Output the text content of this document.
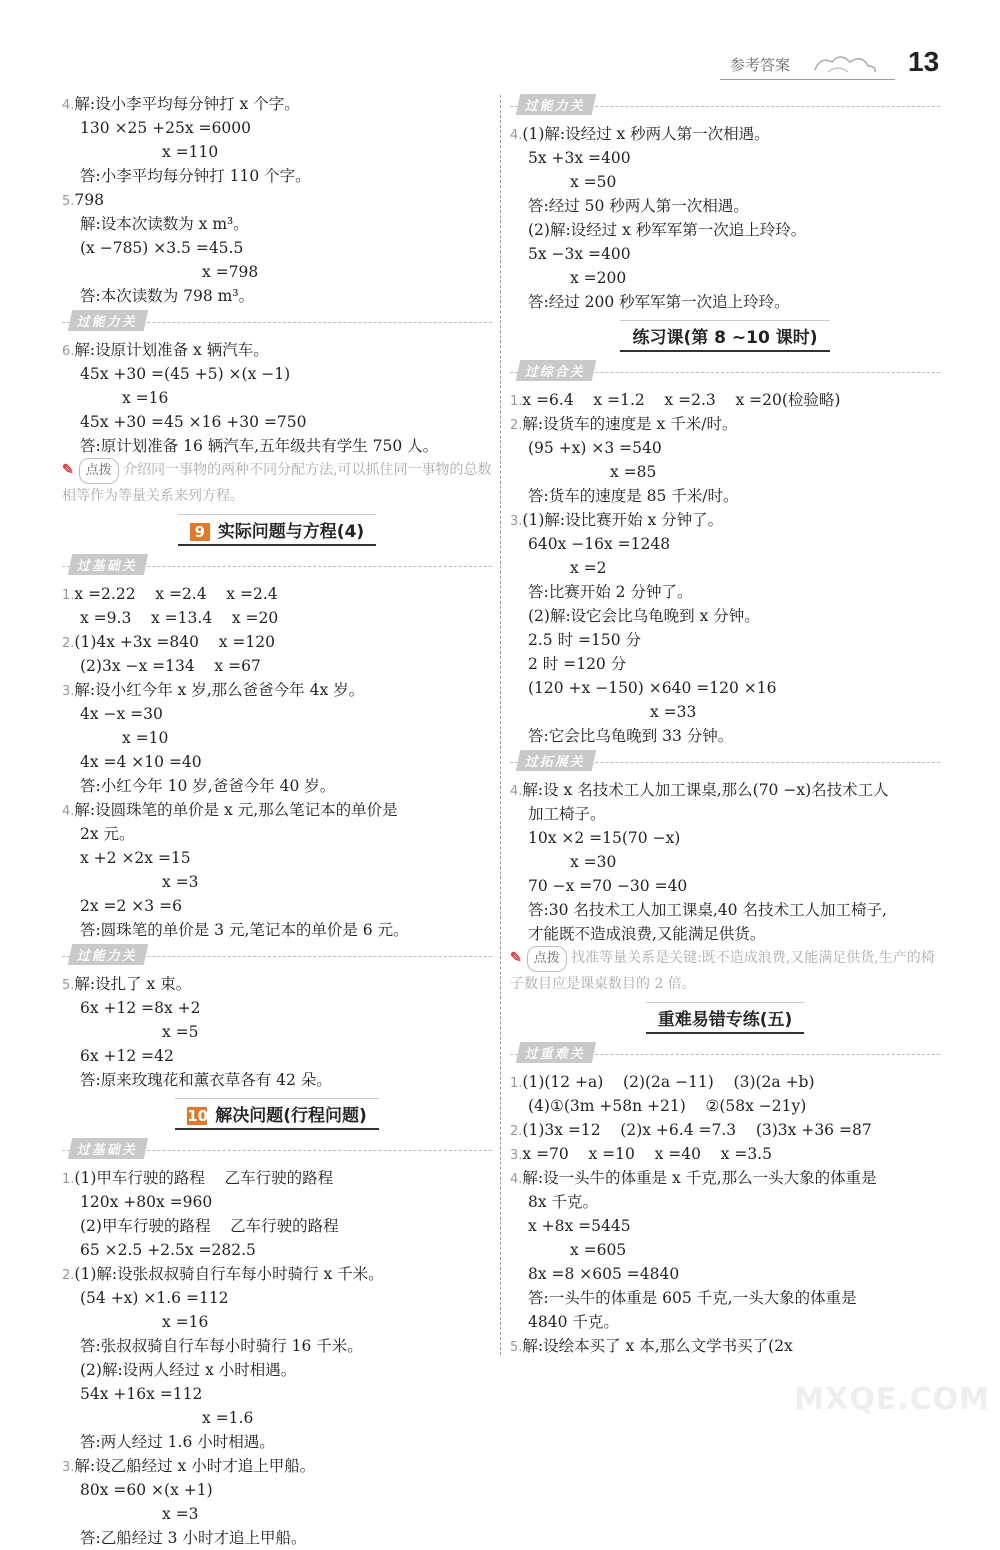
参考答案	13
4.解:设小李平均每分钟打 x 个字。
130 ×25 +25x =6000
x =110
答:小李平均每分钟打 110 个字。
5.798
解:设本次读数为 x m³。
(x −785) ×3.5 =45.5
x =798
答:本次读数为 798 m³。
过能力关
6.解:设原计划准备 x 辆汽车。
45x +30 =(45 +5) ×(x −1)
x =16
45x +30 =45 ×16 +30 =750
答:原计划准备 16 辆汽车,五年级共有学生 750 人。
✎ 点拨 介绍同一事物的两种不同分配方法,可以抓住同一事物的总数相等作为等量关系来列方程。
9 实际问题与方程(4)
过基础关
1.x =2.22    x =2.4    x =2.4
x =9.3    x =13.4    x =20
2.(1)4x +3x =840    x =120
(2)3x −x =134    x =67
3.解:设小红今年 x 岁,那么爸爸今年 4x 岁。
4x −x =30
x =10
4x =4 ×10 =40
答:小红今年 10 岁,爸爸今年 40 岁。
4.解:设圆珠笔的单价是 x 元,那么笔记本的单价是
2x 元。
x +2 ×2x =15
x =3
2x =2 ×3 =6
答:圆珠笔的单价是 3 元,笔记本的单价是 6 元。
过能力关
5.解:设扎了 x 束。
6x +12 =8x +2
x =5
6x +12 =42
答:原来玫瑰花和薰衣草各有 42 朵。
10 解决问题(行程问题)
过基础关
1.(1)甲车行驶的路程    乙车行驶的路程
120x +80x =960
(2)甲车行驶的路程    乙车行驶的路程
65 ×2.5 +2.5x =282.5
2.(1)解:设张叔叔骑自行车每小时骑行 x 千米。
(54 +x) ×1.6 =112
x =16
答:张叔叔骑自行车每小时骑行 16 千米。
(2)解:设两人经过 x 小时相遇。
54x +16x =112
x =1.6
答:两人经过 1.6 小时相遇。
3.解:设乙船经过 x 小时才追上甲船。
80x =60 ×(x +1)
x =3
答:乙船经过 3 小时才追上甲船。
过能力关
4.(1)解:设经过 x 秒两人第一次相遇。
5x +3x =400
x =50
答:经过 50 秒两人第一次相遇。
(2)解:设经过 x 秒军军第一次追上玲玲。
5x −3x =400
x =200
答:经过 200 秒军军第一次追上玲玲。
练习课(第 8 ~10 课时)
过综合关
1.x =6.4    x =1.2    x =2.3    x =20(检验略)
2.解:设货车的速度是 x 千米/时。
(95 +x) ×3 =540
x =85
答:货车的速度是 85 千米/时。
3.(1)解:设比赛开始 x 分钟了。
640x −16x =1248
x =2
答:比赛开始 2 分钟了。
(2)解:设它会比乌龟晚到 x 分钟。
2.5 时 =150 分
2 时 =120 分
(120 +x −150) ×640 =120 ×16
x =33
答:它会比乌龟晚到 33 分钟。
过拓展关
4.解:设 x 名技术工人加工课桌,那么(70 −x)名技术工人
加工椅子。
10x ×2 =15(70 −x)
x =30
70 −x =70 −30 =40
答:30 名技术工人加工课桌,40 名技术工人加工椅子,
才能既不造成浪费,又能满足供货。
✎ 点拨 找准等量关系是关键:既不造成浪费,又能满足供货,生产的椅子数目应是课桌数目的 2 倍。
重难易错专练(五)
过重难关
1.(1)(12 +a)    (2)(2a −11)    (3)(2a +b)
(4)①(3m +58n +21)    ②(58x −21y)
2.(1)3x =12    (2)x +6.4 =7.3    (3)3x +36 =87
3.x =70    x =10    x =40    x =3.5
4.解:设一头牛的体重是 x 千克,那么一头大象的体重是
8x 千克。
x +8x =5445
x =605
8x =8 ×605 =4840
答:一头牛的体重是 605 千克,一头大象的体重是
4840 千克。
5.解:设绘本买了 x 本,那么文学书买了(2x
MXQE.COM
